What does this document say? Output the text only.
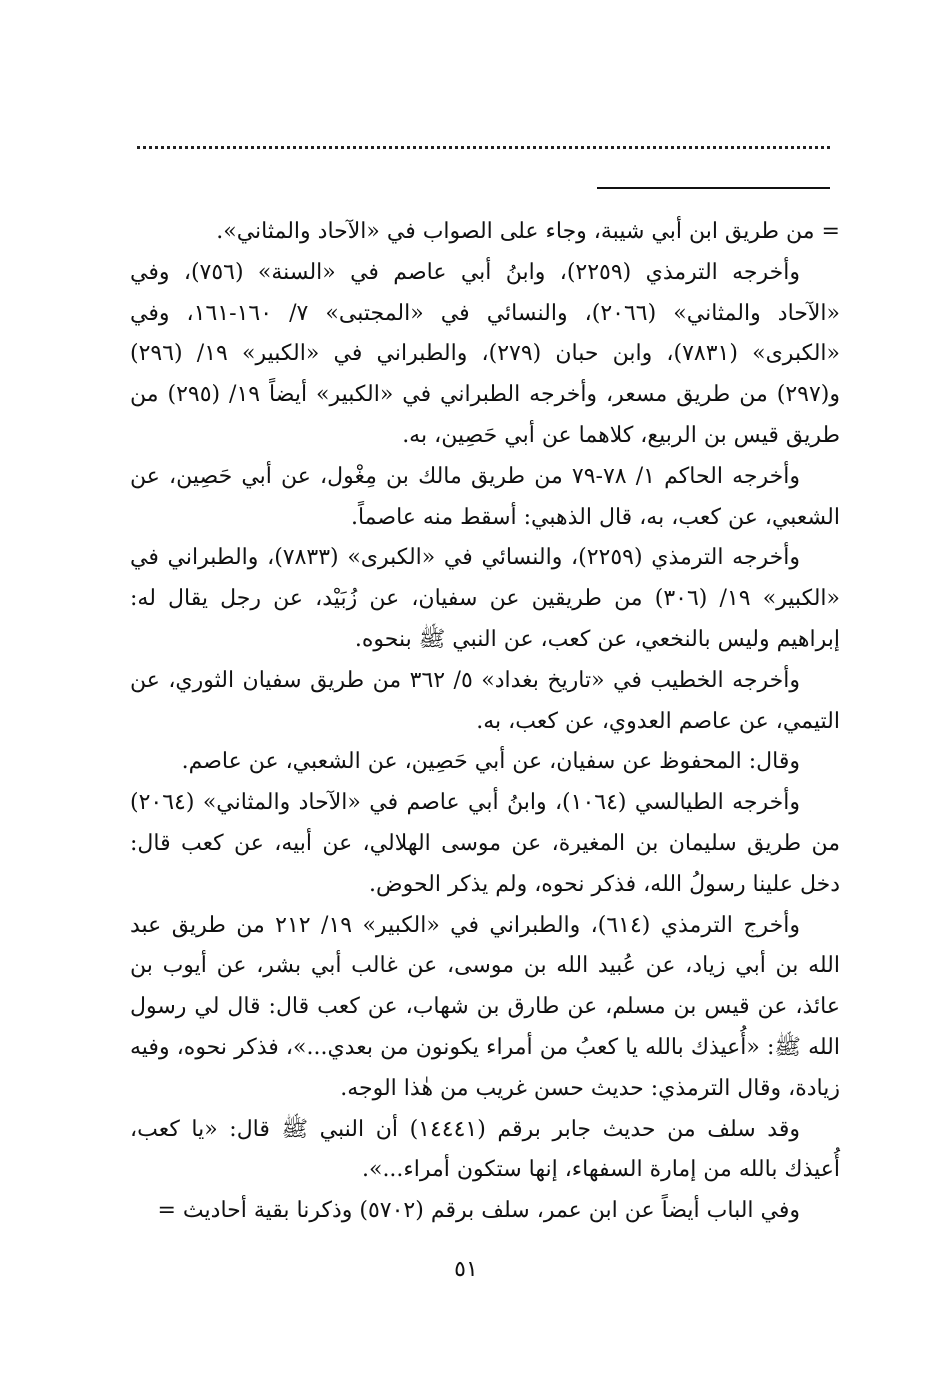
= من طريق ابن أبي شيبة، وجاء على الصواب في «الآحاد والمثاني».

وأخرجه الترمذي (٢٢٥٩)، وابنُ أبي عاصم في «السنة» (٧٥٦)، وفي «الآحاد والمثاني» (٢٠٦٦)، والنسائي في «المجتبى» ٧/ ١٦٠-١٦١، وفي «الكبرى» (٧٨٣١)، وابن حبان (٢٧٩)، والطبراني في «الكبير» ١٩/ (٢٩٦) و(٢٩٧) من طريق مسعر، وأخرجه الطبراني في «الكبير» أيضاً ١٩/ (٢٩٥) من طريق قيس بن الربيع، كلاهما عن أبي حَصِين، به.

وأخرجه الحاكم ١/ ٧٨-٧٩ من طريق مالك بن مِغْول، عن أبي حَصِين، عن الشعبي، عن كعب، به، قال الذهبي: أسقط منه عاصماً.

وأخرجه الترمذي (٢٢٥٩)، والنسائي في «الكبرى» (٧٨٣٣)، والطبراني في «الكبير» ١٩/ (٣٠٦) من طريقين عن سفيان، عن زُبَيْد، عن رجل يقال له: إبراهيم وليس بالنخعي، عن كعب، عن النبي ﷺ بنحوه.

وأخرجه الخطيب في «تاريخ بغداد» ٥/ ٣٦٢ من طريق سفيان الثوري، عن التيمي، عن عاصم العدوي، عن كعب، به.

وقال: المحفوظ عن سفيان، عن أبي حَصِين، عن الشعبي، عن عاصم.

وأخرجه الطيالسي (١٠٦٤)، وابنُ أبي عاصم في «الآحاد والمثاني» (٢٠٦٤) من طريق سليمان بن المغيرة، عن موسى الهلالي، عن أبيه، عن كعب قال: دخل علينا رسولُ الله، فذكر نحوه، ولم يذكر الحوض.

وأخرج الترمذي (٦١٤)، والطبراني في «الكبير» ١٩/ ٢١٢ من طريق عبد الله بن أبي زياد، عن عُبيد الله بن موسى، عن غالب أبي بشر، عن أيوب بن عائذ، عن قيس بن مسلم، عن طارق بن شهاب، عن كعب قال: قال لي رسول الله ﷺ: «أُعيذك بالله يا كعبُ من أمراء يكونون من بعدي...»، فذكر نحوه، وفيه زيادة، وقال الترمذي: حديث حسن غريب من هٰذا الوجه.

وقد سلف من حديث جابر برقم (١٤٤٤١) أن النبي ﷺ قال: «يا كعب، أُعيذك بالله من إمارة السفهاء، إنها ستكون أمراء...».

وفي الباب أيضاً عن ابن عمر، سلف برقم (٥٧٠٢) وذكرنا بقية أحاديث =

٥١
